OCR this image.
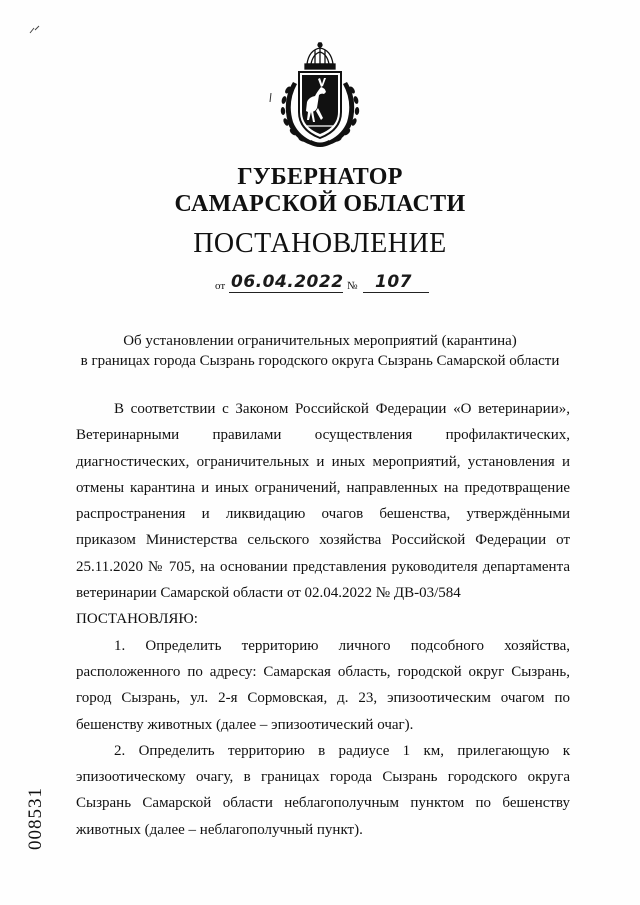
ГУБЕРНАТОР
САМАРСКОЙ ОБЛАСТИ
ПОСТАНОВЛЕНИЕ
от 06.04.2022 № 107
Об установлении ограничительных мероприятий (карантина)
в границах города Сызрань городского округа Сызрань Самарской области

В соответствии с Законом Российской Федерации «О ветеринарии», Ветеринарными правилами осуществления профилактических, диагностических, ограничительных и иных мероприятий, установления и отмены карантина и иных ограничений, направленных на предотвращение распространения и ликвидацию очагов бешенства, утверждёнными приказом Министерства сельского хозяйства Российской Федерации от 25.11.2020 № 705, на основании представления руководителя департамента ветеринарии Самарской области от 02.04.2022 № ДВ-03/584

ПОСТАНОВЛЯЮ:

1. Определить территорию личного подсобного хозяйства, расположенного по адресу: Самарская область, городской округ Сызрань, город Сызрань, ул. 2-я Сормовская, д. 23, эпизоотическим очагом по бешенству животных (далее – эпизоотический очаг).

2. Определить территорию в радиусе 1 км, прилегающую к эпизоотическому очагу, в границах города Сызрань городского округа Сызрань Самарской области неблагополучным пунктом по бешенству животных (далее – неблагополучный пункт).

008531
